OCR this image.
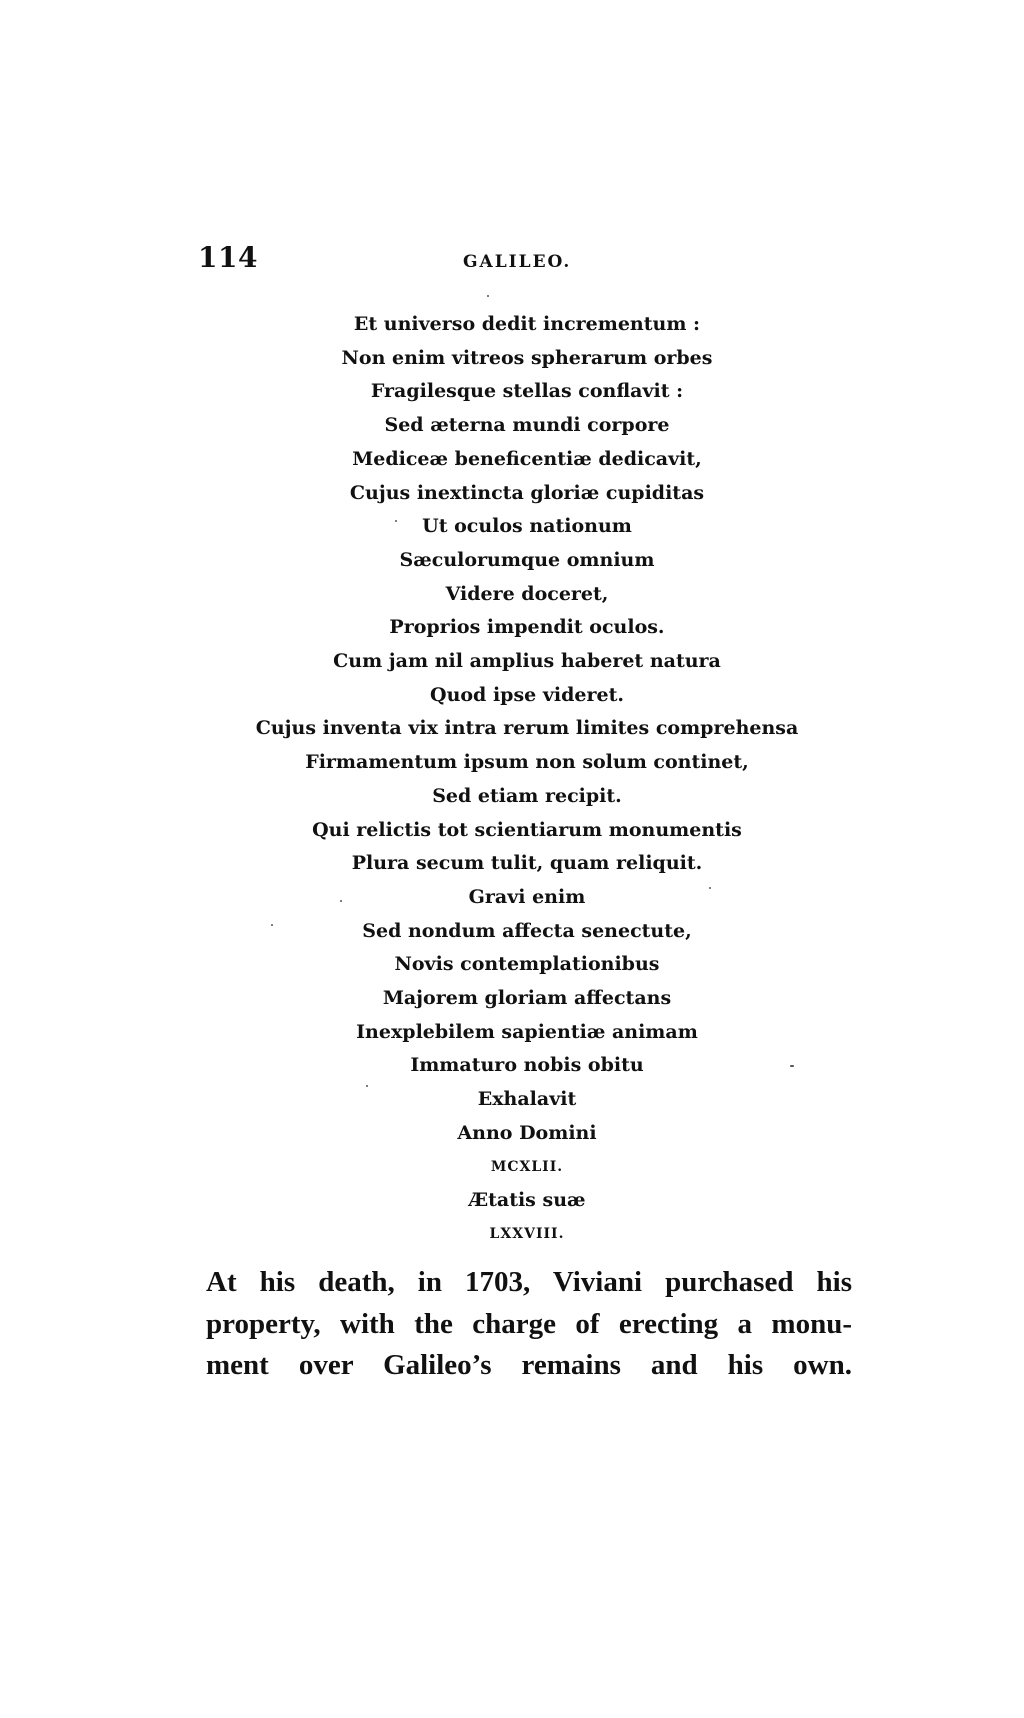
114	GALILEO.
Et universo dedit incrementum :
Non enim vitreos spherarum orbes
Fragilesque stellas conflavit :
Sed æterna mundi corpore
Mediceæ beneficentiæ dedicavit,
Cujus inextincta gloriæ cupiditas
Ut oculos nationum
Sæculorumque omnium
Videre doceret,
Proprios impendit oculos.
Cum jam nil amplius haberet natura
Quod ipse videret.
Cujus inventa vix intra rerum limites comprehensa
Firmamentum ipsum non solum continet,
Sed etiam recipit.
Qui relictis tot scientiarum monumentis
Plura secum tulit, quam reliquit.
Gravi enim
Sed nondum affecta senectute,
Novis contemplationibus
Majorem gloriam affectans
Inexplebilem sapientiæ animam
Immaturo nobis obitu
Exhalavit
Anno Domini
MCXLII.
Ætatis suæ
LXXVIII.
At his death, in 1703, Viviani purchased his
property, with the charge of erecting a monu-
ment over Galileo’s remains and his own.
